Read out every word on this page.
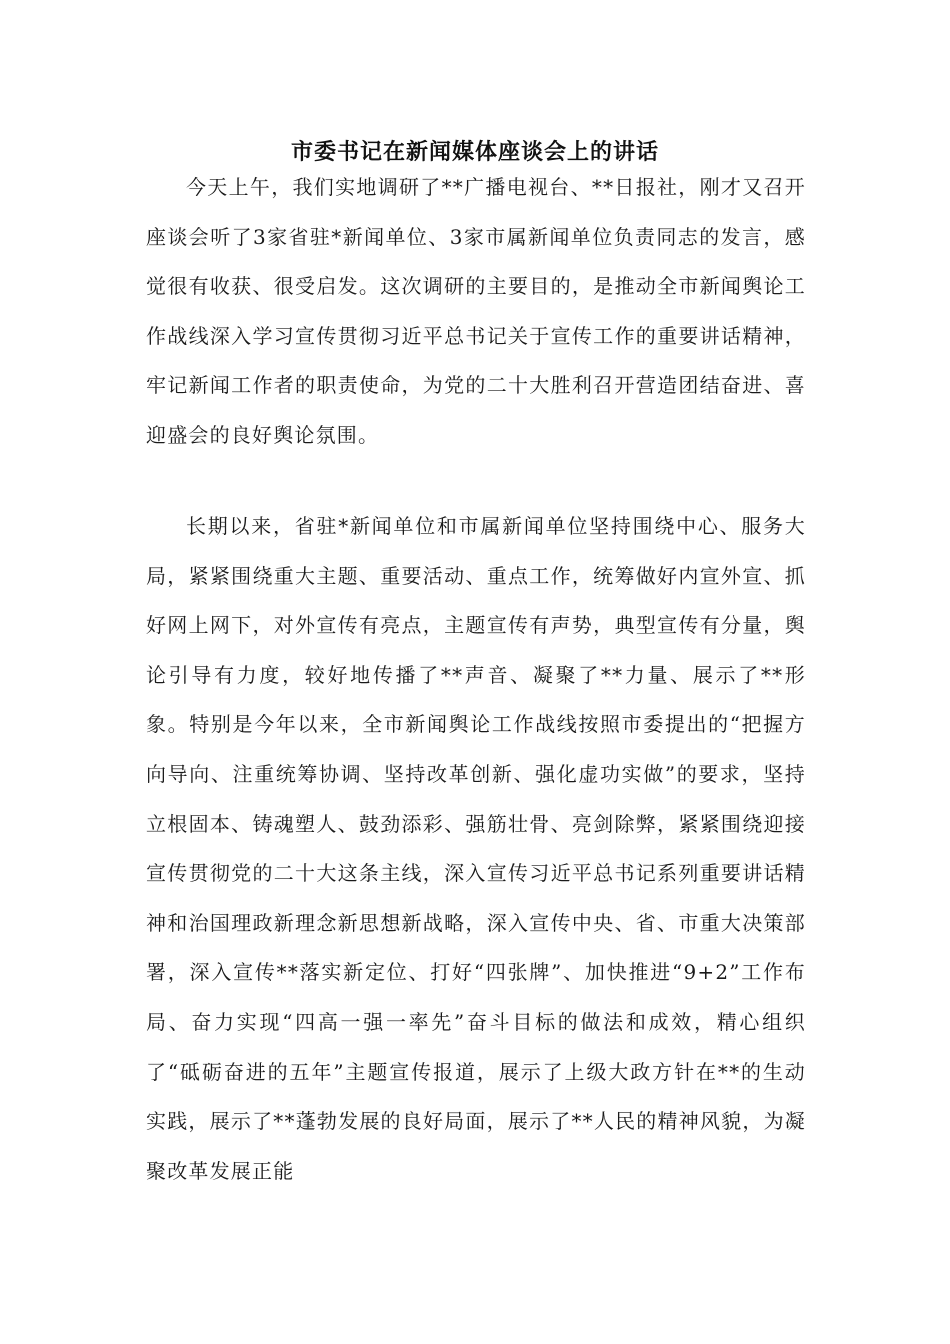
市委书记在新闻媒体座谈会上的讲话

今天上午，我们实地调研了**广播电视台、**日报社，刚才又召开座谈会听了3家省驻*新闻单位、3家市属新闻单位负责同志的发言，感觉很有收获、很受启发。这次调研的主要目的，是推动全市新闻舆论工作战线深入学习宣传贯彻习近平总书记关于宣传工作的重要讲话精神，牢记新闻工作者的职责使命，为党的二十大胜利召开营造团结奋进、喜迎盛会的良好舆论氛围。

长期以来，省驻*新闻单位和市属新闻单位坚持围绕中心、服务大局，紧紧围绕重大主题、重要活动、重点工作，统筹做好内宣外宣、抓好网上网下，对外宣传有亮点，主题宣传有声势，典型宣传有分量，舆论引导有力度，较好地传播了**声音、凝聚了**力量、展示了**形象。特别是今年以来，全市新闻舆论工作战线按照市委提出的“把握方向导向、注重统筹协调、坚持改革创新、强化虚功实做”的要求，坚持立根固本、铸魂塑人、鼓劲添彩、强筋壮骨、亮剑除弊，紧紧围绕迎接宣传贯彻党的二十大这条主线，深入宣传习近平总书记系列重要讲话精神和治国理政新理念新思想新战略，深入宣传中央、省、市重大决策部署，深入宣传**落实新定位、打好“四张牌”、加快推进“9+2”工作布局、奋力实现“四高一强一率先”奋斗目标的做法和成效，精心组织了“砥砺奋进的五年”主题宣传报道，展示了上级大政方针在**的生动实践，展示了**蓬勃发展的良好局面，展示了**人民的精神风貌，为凝聚改革发展正能
